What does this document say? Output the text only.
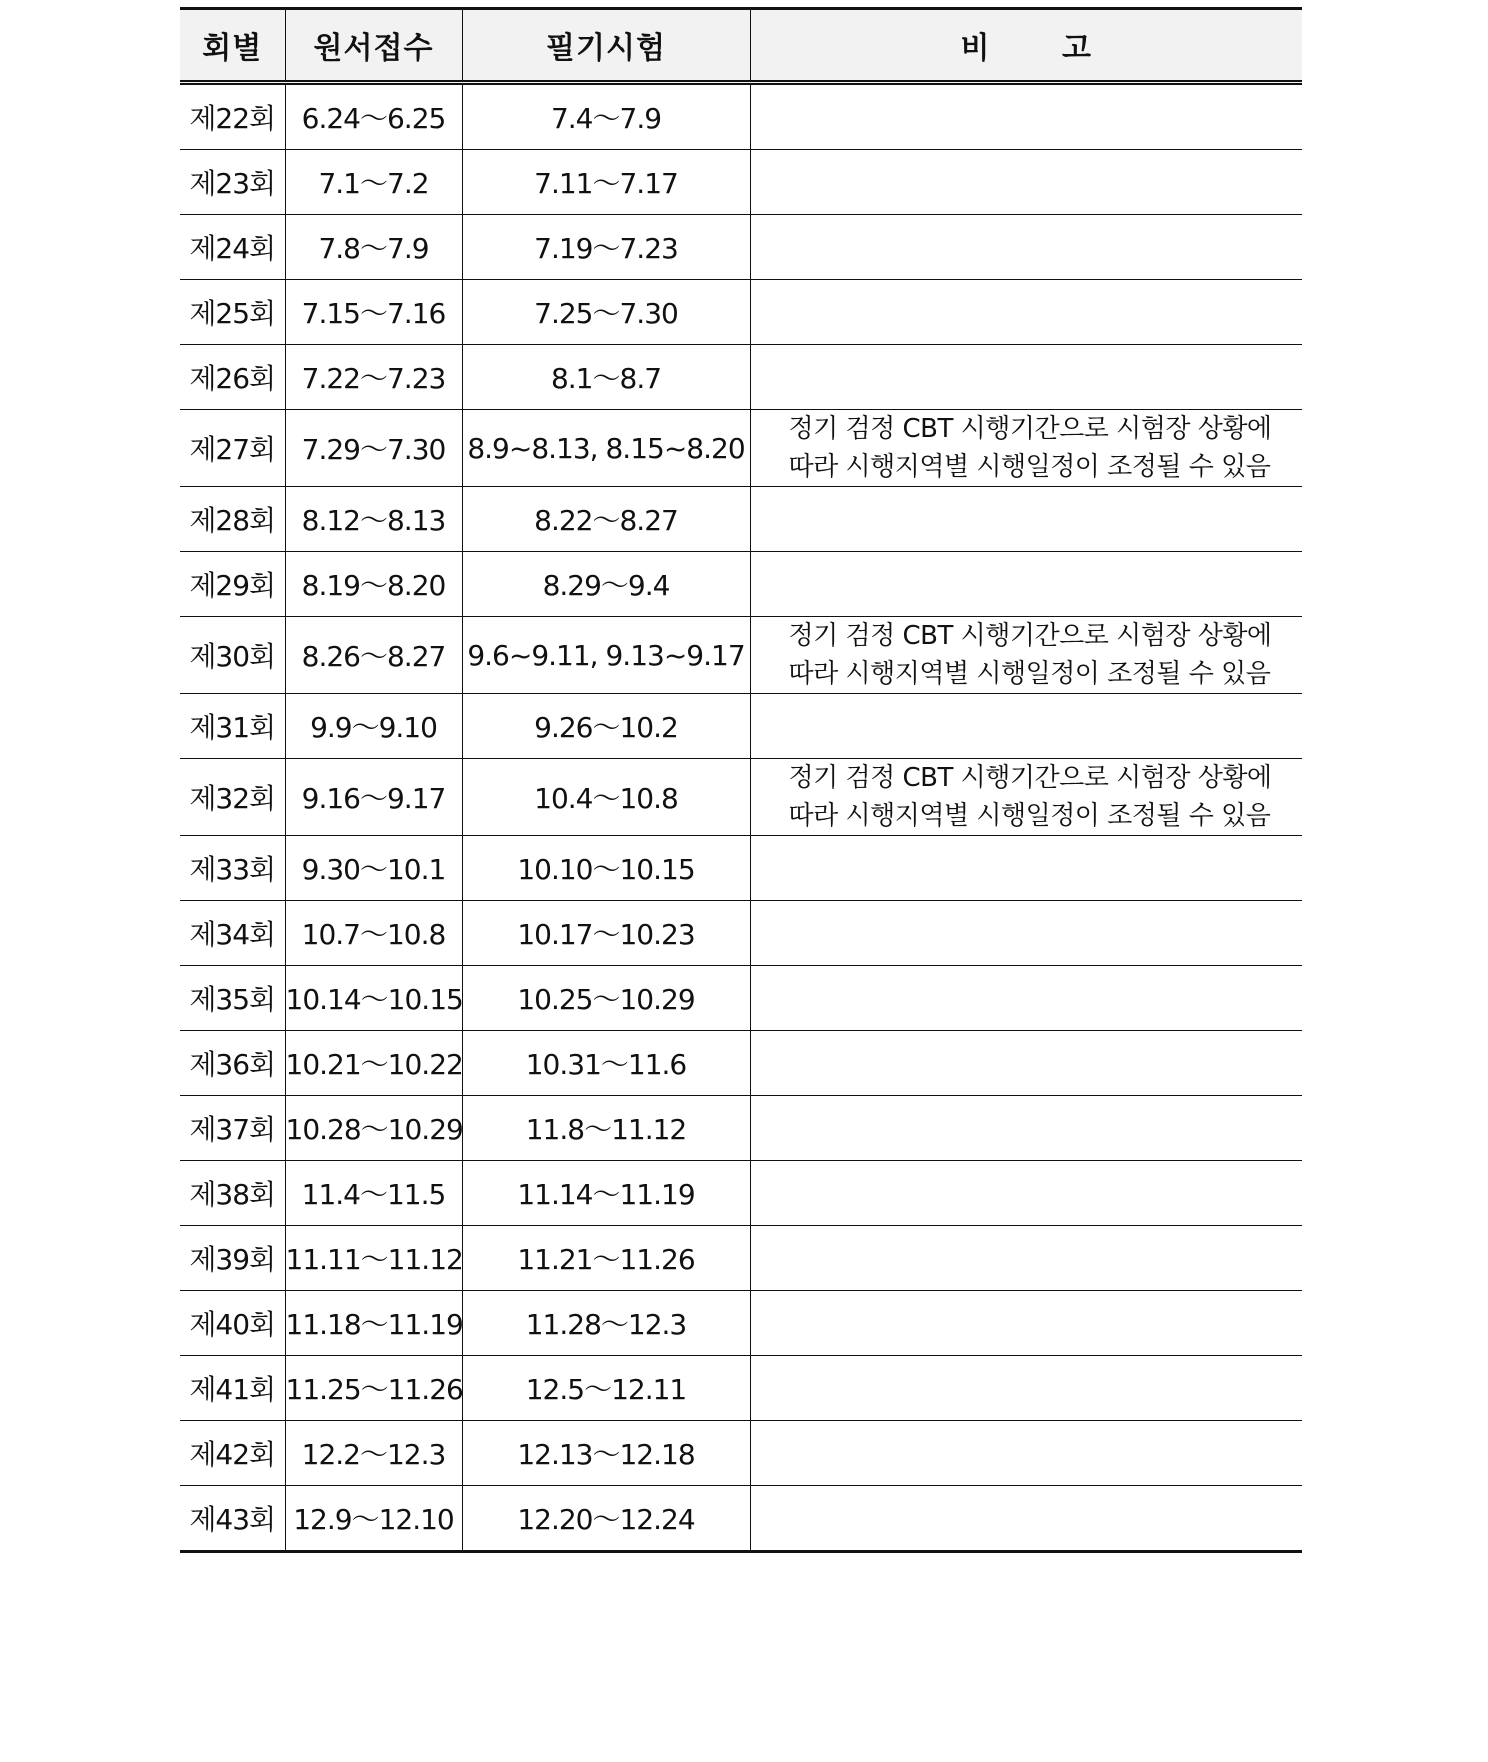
회별	원서접수	필기시험	비 고
제22회	6.24～6.25	7.4～7.9	
제23회	7.1～7.2	7.11～7.17	
제24회	7.8～7.9	7.19～7.23	
제25회	7.15～7.16	7.25～7.30	
제26회	7.22～7.23	8.1～8.7	
제27회	7.29～7.30	8.9~8.13, 8.15~8.20	정기 검정 CBT 시행기간으로 시험장 상황에
따라 시행지역별 시행일정이 조정될 수 있음

제28회	8.12～8.13	8.22～8.27	
제29회	8.19～8.20	8.29～9.4	
제30회	8.26～8.27	9.6~9.11, 9.13~9.17	정기 검정 CBT 시행기간으로 시험장 상황에
따라 시행지역별 시행일정이 조정될 수 있음

제31회	9.9～9.10	9.26～10.2	
제32회	9.16～9.17	10.4～10.8	정기 검정 CBT 시행기간으로 시험장 상황에
따라 시행지역별 시행일정이 조정될 수 있음

제33회	9.30～10.1	10.10～10.15	
제34회	10.7～10.8	10.17～10.23	
제35회	10.14～10.15	10.25～10.29	
제36회	10.21～10.22	10.31～11.6	
제37회	10.28～10.29	11.8～11.12	
제38회	11.4～11.5	11.14～11.19	
제39회	11.11～11.12	11.21～11.26	
제40회	11.18～11.19	11.28～12.3	
제41회	11.25～11.26	12.5～12.11	
제42회	12.2～12.3	12.13～12.18	
제43회	12.9～12.10	12.20～12.24	
